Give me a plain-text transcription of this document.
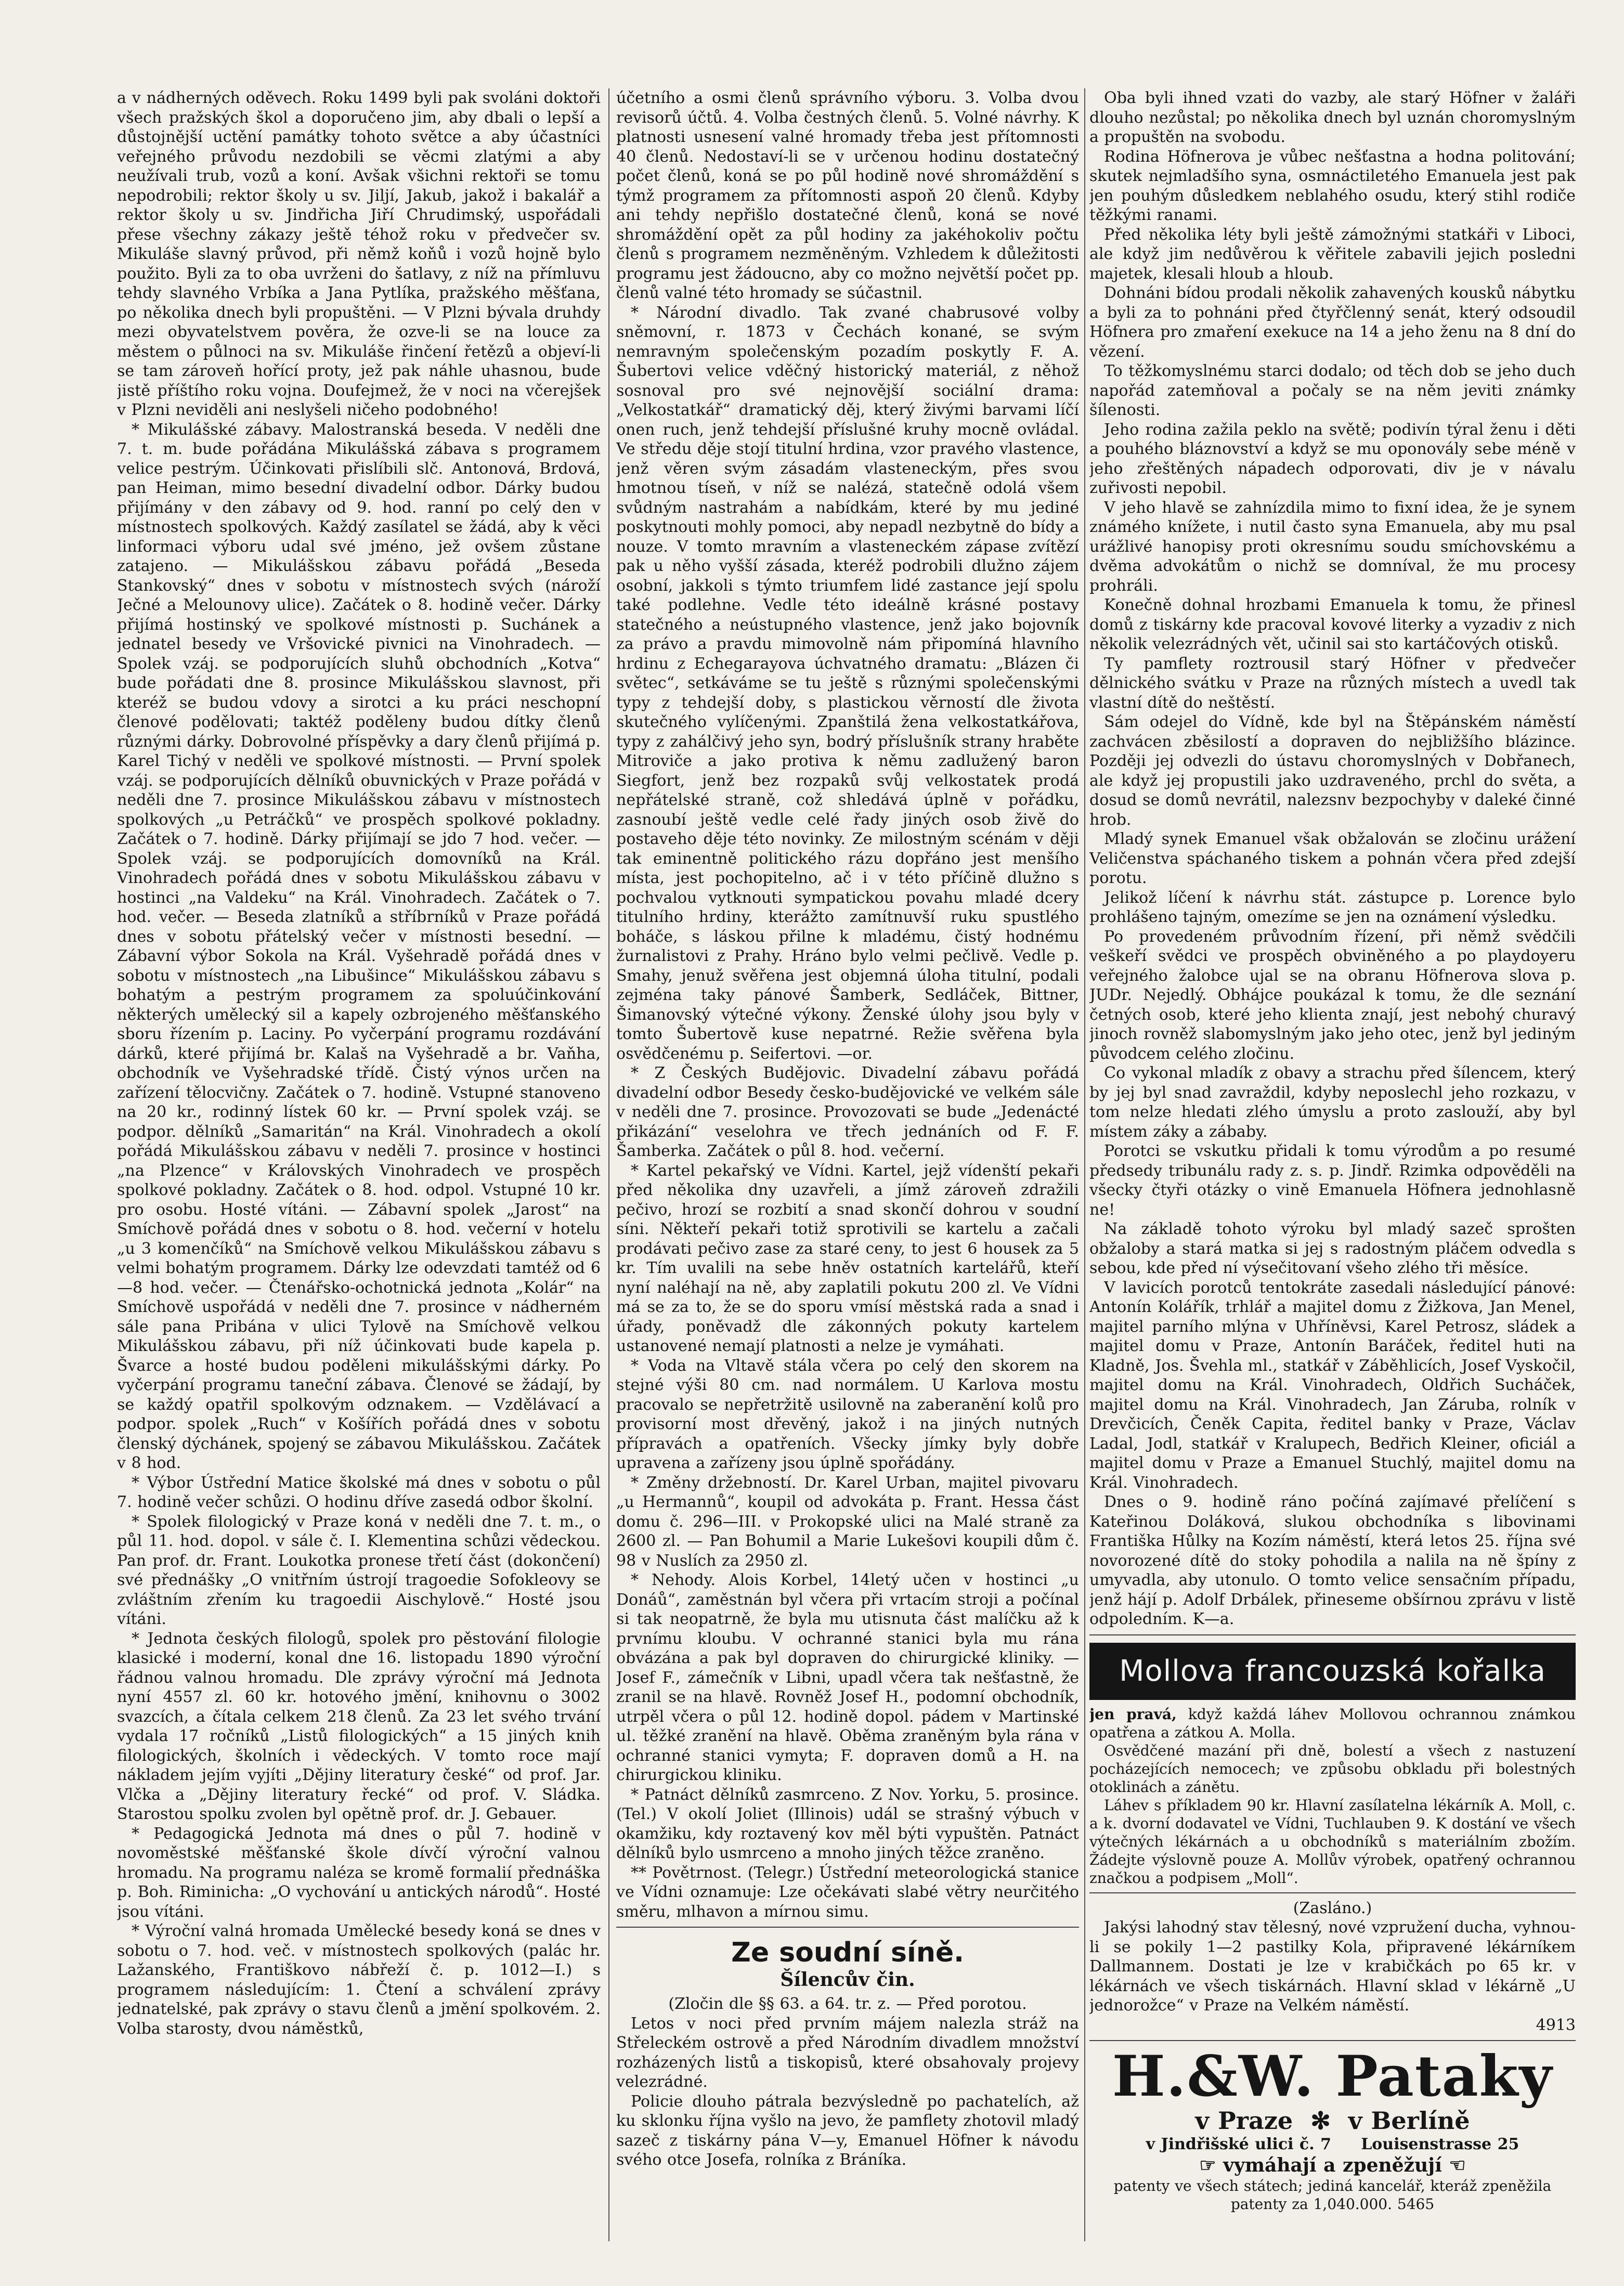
a v nádherných oděvech. Roku 1499 byli pak svoláni doktoři všech pražských škol a doporučeno jim, aby dbali o lepší a důstojnější uctění památky tohoto světce a aby účastníci veřejného průvodu nezdobili se věcmi zlatými a aby neužívali trub, vozů a koní. Avšak všichni rektoři se tomu nepodrobili; rektor školy u sv. Jiljí, Jakub, jakož i bakalář a rektor školy u sv. Jindřicha Jiří Chrudimský, uspořádali přese všechny zákazy ještě téhož roku v předvečer sv. Mikuláše slavný průvod, při němž koňů i vozů hojně bylo použito. Byli za to oba uvrženi do šatlavy, z níž na přímluvu tehdy slavného Vrbíka a Jana Pytlíka, pražského měšťana, po několika dnech byli propuštěni. — V Plzni bývala druhdy mezi obyvatelstvem pověra, že ozve-li se na louce za městem o půlnoci na sv. Mikuláše řinčení řetězů a objeví-li se tam zároveň hořící proty, jež pak náhle uhasnou, bude jistě příštího roku vojna. Doufejmež, že v noci na včerejšek v Plzni neviděli ani neslyšeli ničeho podobného!

* Mikulášské zábavy. Malostranská beseda. V neděli dne 7. t. m. bude pořádána Mikulášská zábava s programem velice pestrým. Účinkovati přislíbili slč. Antonová, Brdová, pan Heiman, mimo besední divadelní odbor. Dárky budou přijímány v den zábavy od 9. hod. ranní po celý den v místnostech spolkových. Každý zasílatel se žádá, aby k věci linformaci výboru udal své jméno, jež ovšem zůstane zatajeno. — Mikulášskou zábavu pořádá „Beseda Stankovský“ dnes v sobotu v místnostech svých (nároží Ječné a Melounovy ulice). Začátek o 8. hodině večer. Dárky přijímá hostinský ve spolkové místnosti p. Suchánek a jednatel besedy ve Vršovické pivnici na Vinohradech. — Spolek vzáj. se podporujících sluhů obchodních „Kotva“ bude pořádati dne 8. prosince Mikulášskou slavnost, při kteréž se budou vdovy a sirotci a ku práci neschopní členové podělovati; taktéž poděleny budou dítky členů různými dárky. Dobrovolné příspěvky a dary členů přijímá p. Karel Tichý v neděli ve spolkové místnosti. — První spolek vzáj. se podporujících dělníků obuvnických v Praze pořádá v neděli dne 7. prosince Mikulášskou zábavu v místnostech spolkových „u Petráčků“ ve prospěch spolkové pokladny. Začátek o 7. hodině. Dárky přijímají se jdo 7 hod. večer. — Spolek vzáj. se podporujících domovníků na Král. Vinohradech pořádá dnes v sobotu Mikulášskou zábavu v hostinci „na Valdeku“ na Král. Vinohradech. Začátek o 7. hod. večer. — Beseda zlatníků a stříbrníků v Praze pořádá dnes v sobotu přátelský večer v místnosti besední. — Zábavní výbor Sokola na Král. Vyšehradě pořádá dnes v sobotu v místnostech „na Libušince“ Mikulášskou zábavu s bohatým a pestrým programem za spoluúčinkování některých umělecký sil a kapely ozbrojeného měšťanského sboru řízením p. Laciny. Po vyčerpání programu rozdávání dárků, které přijímá br. Kalaš na Vyšehradě a br. Vaňha, obchodník ve Vyšehradské třídě. Čistý výnos určen na zařízení tělocvičny. Začátek o 7. hodině. Vstupné stanoveno na 20 kr., rodinný lístek 60 kr. — První spolek vzáj. se podpor. dělníků „Samaritán“ na Král. Vinohradech a okolí pořádá Mikulášskou zábavu v neděli 7. prosince v hostinci „na Plzence“ v Královských Vinohradech ve prospěch spolkové pokladny. Začátek o 8. hod. odpol. Vstupné 10 kr. pro osobu. Hosté vítáni. — Zábavní spolek „Jarost“ na Smíchově pořádá dnes v sobotu o 8. hod. večerní v hotelu „u 3 komenčíků“ na Smíchově velkou Mikulášskou zábavu s velmi bohatým programem. Dárky lze odevzdati tamtéž od 6—8 hod. večer. — Čtenářsko-ochotnická jednota „Kolár“ na Smíchově uspořádá v neděli dne 7. prosince v nádherném sále pana Pribána v ulici Tylově na Smíchově velkou Mikulášskou zábavu, při níž účinkovati bude kapela p. Švarce a hosté budou poděleni mikulášskými dárky. Po vyčerpání programu taneční zábava. Členové se žádají, by se každý opatřil spolkovým odznakem. — Vzdělávací a podpor. spolek „Ruch“ v Košířích pořádá dnes v sobotu členský dýchánek, spojený se zábavou Mikulášskou. Začátek v 8 hod.

* Výbor Ústřední Matice školské má dnes v sobotu o půl 7. hodině večer schůzi. O hodinu dříve zasedá odbor školní.

* Spolek filologický v Praze koná v neděli dne 7. t. m., o půl 11. hod. dopol. v sále č. I. Klementina schůzi vědeckou. Pan prof. dr. Frant. Loukotka pronese třetí část (dokončení) své přednášky „O vnitřním ústrojí tragoedie Sofokleovy se zvláštním zřením ku tragoedii Aischylově.“ Hosté jsou vítáni.

* Jednota českých filologů, spolek pro pěstování filologie klasické i moderní, konal dne 16. listopadu 1890 výroční řádnou valnou hromadu. Dle zprávy výroční má Jednota nyní 4557 zl. 60 kr. hotového jmění, knihovnu o 3002 svazcích, a čítala celkem 218 členů. Za 23 let svého trvání vydala 17 ročníků „Listů filologických“ a 15 jiných knih filologických, školních i vědeckých. V tomto roce mají nákladem jejím vyjíti „Dějiny literatury české“ od prof. Jar. Vlčka a „Dějiny literatury řecké“ od prof. V. Sládka. Starostou spolku zvolen byl opětně prof. dr. J. Gebauer.

* Pedagogická Jednota má dnes o půl 7. hodině v novoměstské měšťanské škole dívčí výroční valnou hromadu. Na programu naléza se kromě formalií přednáška p. Boh. Riminicha: „O vychování u antických národů“. Hosté jsou vítáni.

* Výroční valná hromada Umělecké besedy koná se dnes v sobotu o 7. hod. več. v místnostech spolkových (palác hr. Lažanského, Františkovo nábřeží č. p. 1012—I.) s programem následujícím: 1. Čtení a schválení zprávy jednatelské, pak zprávy o stavu členů a jmění spolkovém. 2. Volba starosty, dvou náměstků,

účetního a osmi členů správního výboru. 3. Volba dvou revisorů účtů. 4. Volba čestných členů. 5. Volné návrhy. K platnosti usnesení valné hromady třeba jest přítomnosti 40 členů. Nedostaví-li se v určenou hodinu dostatečný počet členů, koná se po půl hodině nové shromáždění s týmž programem za přítomnosti aspoň 20 členů. Kdyby ani tehdy nepřišlo dostatečné členů, koná se nové shromáždění opět za půl hodiny za jakéhokoliv počtu členů s programem nezměněným. Vzhledem k důležitosti programu jest žádoucno, aby co možno největší počet pp. členů valné této hromady se súčastnil.

* Národní divadlo. Tak zvané chabrusové volby sněmovní, r. 1873 v Čechách konané, se svým nemravným společenským pozadím poskytly F. A. Šubertovi velice vděčný historický materiál, z něhož sosnoval pro své nejnovější sociální drama: „Velkostatkář“ dramatický děj, který živými barvami líčí onen ruch, jenž tehdejší příslušné kruhy mocně ovládal. Ve středu děje stojí titulní hrdina, vzor pravého vlastence, jenž věren svým zásadám vlasteneckým, přes svou hmotnou tíseň, v níž se nalézá, statečně odolá všem svůdným nastrahám a nabídkám, které by mu jediné poskytnouti mohly pomoci, aby nepadl nezbytně do bídy a nouze. V tomto mravním a vlasteneckém zápase zvítězí pak u něho vyšší zásada, kteréž podrobili dlužno zájem osobní, jakkoli s týmto triumfem lidé zastance její spolu také podlehne. Vedle této ideálně krásné postavy statečného a neústupného vlastence, jenž jako bojovník za právo a pravdu mimovolně nám připomíná hlavního hrdinu z Echegarayova úchvatného dramatu: „Blázen či světec“, setkáváme se tu ještě s různými společenskými typy z tehdejší doby, s plastickou věrností dle života skutečného vylíčenými. Zpanštilá žena velkostatkářova, typy z zahálčivý jeho syn, bodrý příslušník strany hraběte Mitroviče a jako protiva k němu zadlužený baron Siegfort, jenž bez rozpaků svůj velkostatek prodá nepřátelské straně, což shledává úplně v pořádku, zasnoubí ještě vedle celé řady jiných osob živě do postaveho děje této novinky. Ze milostným scénám v ději tak eminentně politického rázu dopřáno jest menšího místa, jest pochopitelno, ač i v této příčině dlužno s pochvalou vytknouti sympatickou povahu mladé dcery titulního hrdiny, kterážto zamítnuvší ruku spustlého boháče, s láskou přilne k mladému, čistý hodnému žurnalistovi z Prahy. Hráno bylo velmi pečlivě. Vedle p. Smahy, jenuž svěřena jest objemná úloha titulní, podali zejména taky pánové Šamberk, Sedláček, Bittner, Šimanovský výtečné výkony. Ženské úlohy jsou byly v tomto Šubertově kuse nepatrné. Režie svěřena byla osvědčenému p. Seifertovi. —or.

* Z Českých Budějovic. Divadelní zábavu pořádá divadelní odbor Besedy česko-budějovické ve velkém sále v neděli dne 7. prosince. Provozovati se bude „Jedenácté přikázání“ veselohra ve třech jednáních od F. F. Šamberka. Začátek o půl 8. hod. večerní.

* Kartel pekařský ve Vídni. Kartel, jejž vídenští pekaři před několika dny uzavřeli, a jímž zároveň zdražili pečivo, hrozí se rozbití a snad skončí dohrou v soudní síni. Někteří pekaři totiž sprotivili se kartelu a začali prodávati pečivo zase za staré ceny, to jest 6 housek za 5 kr. Tím uvalili na sebe hněv ostatních kartelářů, kteří nyní naléhají na ně, aby zaplatili pokutu 200 zl. Ve Vídni má se za to, že se do sporu vmísí městská rada a snad i úřady, poněvadž dle zákonných pokuty kartelem ustanovené nemají platnosti a nelze je vymáhati.

* Voda na Vltavě stála včera po celý den skorem na stejné výši 80 cm. nad normálem. U Karlova mostu pracovalo se nepřetržitě usilovně na zaberanění kolů pro provisorní most dřevěný, jakož i na jiných nutných přípravách a opatřeních. Všecky jímky byly dobře upravena a zařízeny jsou úplně spořádány.

* Změny držebností. Dr. Karel Urban, majitel pivovaru „u Hermannů“, koupil od advokáta p. Frant. Hessa část domu č. 296—III. v Prokopské ulici na Malé straně za 2600 zl. — Pan Bohumil a Marie Lukešovi koupili dům č. 98 v Nuslích za 2950 zl.

* Nehody. Alois Korbel, 14letý učen v hostinci „u Donáů“, zaměstnán byl včera při vrtacím stroji a počínal si tak neopatrně, že byla mu utisnuta část malíčku až k prvnímu kloubu. V ochranné stanici byla mu rána obvázána a pak byl dopraven do chirurgické kliniky. — Josef F., zámečník v Libni, upadl včera tak nešťastně, že zranil se na hlavě. Rovněž Josef H., podomní obchodník, utrpěl včera o půl 12. hodině dopol. pádem v Martinské ul. těžké zranění na hlavě. Oběma zraněným byla rána v ochranné stanici vymyta; F. dopraven domů a H. na chirurgickou kliniku.

* Patnáct dělníků zasmrceno. Z Nov. Yorku, 5. prosince. (Tel.) V okolí Joliet (Illinois) udál se strašný výbuch v okamžiku, kdy roztavený kov měl býti vypuštěn. Patnáct dělníků bylo usmrceno a mnoho jiných těžce zraněno.

** Povětrnost. (Telegr.) Ústřední meteorologická stanice ve Vídni oznamuje: Lze očekávati slabé větry neurčitého směru, mlhavon a mírnou simu.

Ze soudní síně.
Šílencův čin.

(Zločin dle §§ 63. a 64. tr. z. — Před porotou.

Letos v noci před prvním májem nalezla stráž na Střeleckém ostrově a před Národním divadlem množství rozházených listů a tiskopisů, které obsahovaly projevy velezrádné.

Policie dlouho pátrala bezvýsledně po pachatelích, až ku sklonku října vyšlo na jevo, že pamflety zhotovil mladý sazeč z tiskárny pána V—y, Emanuel Höfner k návodu svého otce Josefa, rolníka z Bráníka.

Oba byli ihned vzati do vazby, ale starý Höfner v žaláři dlouho nezůstal; po několika dnech byl uznán choromyslným a propuštěn na svobodu.

Rodina Höfnerova je vůbec nešťastna a hodna politování; skutek nejmladšího syna, osmnáctiletého Emanuela jest pak jen pouhým důsledkem neblahého osudu, který stihl rodiče těžkými ranami.

Před několika léty byli ještě zámožnými statkáři v Liboci, ale když jim nedůvěrou k věřitele zabavili jejich posledni majetek, klesali hloub a hloub.

Dohnáni bídou prodali několik zahavených kousků nábytku a byli za to pohnáni před čtyřčlenný senát, který odsoudil Höfnera pro zmaření exekuce na 14 a jeho ženu na 8 dní do vězení.

To těžkomyslnému starci dodalo; od těch dob se jeho duch napořád zatemňoval a počaly se na něm jeviti známky šílenosti.

Jeho rodina zažila peklo na světě; podivín týral ženu i děti a pouhého bláznovství a když se mu oponovály sebe méně v jeho zřeštěných nápadech odporovati, div je v návalu zuřivosti nepobil.

V jeho hlavě se zahnízdila mimo to fixní idea, že je synem známého knížete, i nutil často syna Emanuela, aby mu psal urážlivé hanopisy proti okresnímu soudu smíchovskému a dvěma advokátům o nichž se domníval, že mu procesy prohráli.

Konečně dohnal hrozbami Emanuela k tomu, že přinesl domů z tiskárny kde pracoval kovové literky a vyzadiv z nich několik velezrádných vět, učinil sai sto kartáčových otisků.

Ty pamflety roztrousil starý Höfner v předvečer dělnického svátku v Praze na různých místech a uvedl tak vlastní dítě do neštěstí.

Sám odejel do Vídně, kde byl na Štěpánském náměstí zachvácen zběsilostí a dopraven do nejbližšího blázince. Později jej odvezli do ústavu choromyslných v Dobřanech, ale když jej propustili jako uzdraveného, prchl do světa, a dosud se domů nevrátil, nalezsnv bezpochyby v daleké činné hrob.

Mladý synek Emanuel však obžalován se zločinu urážení Veličenstva spáchaného tiskem a pohnán včera před zdejší porotu.

Jelikož líčení k návrhu stát. zástupce p. Lorence bylo prohlášeno tajným, omezíme se jen na oznámení výsledku.

Po provedeném průvodním řízení, při němž svědčili veškeří svědci ve prospěch obviněného a po playdoyeru veřejného žalobce ujal se na obranu Höfnerova slova p. JUDr. Nejedlý. Obhájce poukázal k tomu, že dle seznání četných osob, které jeho klienta znají, jest nebohý churavý jinoch rovněž slabomyslným jako jeho otec, jenž byl jediným původcem celého zločinu.

Co vykonal mladík z obavy a strachu před šílencem, který by jej byl snad zavraždil, kdyby neposlechl jeho rozkazu, v tom nelze hledati zlého úmyslu a proto zaslouží, aby byl místem záky a zábaby.

Porotci se vskutku přidali k tomu výrodům a po resumé předsedy tribunálu rady z. s. p. Jindř. Rzimka odpověděli na všecky čtyři otázky o vině Emanuela Höfnera jednohlasně ne!

Na základě tohoto výroku byl mladý sazeč sprošten obžaloby a stará matka si jej s radostným pláčem odvedla s sebou, kde před ní výsečitovaní všeho zlého tři měsíce.

V lavicích porotců tentokráte zasedali následující pánové: Antonín Kolářík, trhlář a majitel domu z Žižkova, Jan Menel, majitel parního mlýna v Uhříněvsi, Karel Petrosz, sládek a majitel domu v Praze, Antonín Baráček, ředitel huti na Kladně, Jos. Švehla ml., statkář v Záběhlicích, Josef Vyskočil, majitel domu na Král. Vinohradech, Oldřich Sucháček, majitel domu na Král. Vinohradech, Jan Záruba, rolník v Drevčicích, Čeněk Capita, ředitel banky v Praze, Václav Ladal, Jodl, statkář v Kralupech, Bedřich Kleiner, oficiál a majitel domu v Praze a Emanuel Stuchlý, majitel domu na Král. Vinohradech.

Dnes o 9. hodině ráno počíná zajímavé přelíčení s Kateřinou Doláková, slukou obchodníka s libovinami Františka Hůlky na Kozím náměstí, která letos 25. října své novorozené dítě do stoky pohodila a nalila na ně špíny z umyvadla, aby utonulo. O tomto velice sensačním případu, jenž hájí p. Adolf Drbálek, přineseme obšírnou zprávu v listě odpoledním. K—a.

Mollova francouzská kořalka

jen pravá, když každá láhev Mollovou ochrannou známkou opatřena a zátkou A. Molla.

Osvědčené mazání při dně, bolestí a všech z nastuzení pocházejících nemocech; ve způsobu obkladu při bolestných otoklinách a zánětu.

Láhev s příkladem 90 kr. Hlavní zasílatelna lékárník A. Moll, c. a k. dvorní dodavatel ve Vídni, Tuchlauben 9. K dostání ve všech výtečných lékárnách a u obchodníků s materiálním zbožím. Žádejte výslovně pouze A. Mollův výrobek, opatřený ochrannou značkou a podpisem „Moll“.

(Zasláno.)

Jakýsi lahodný stav tělesný, nové vzpružení ducha, vyhnou-li se pokily 1—2 pastilky Kola, připravené lékárníkem Dallmannem. Dostati je lze v krabičkách po 65 kr. v lékárnách ve všech tiskárnách. Hlavní sklad v lékárně „U jednorožce“ v Praze na Velkém náměstí.

4913

H.&W. Pataky
v Praze ✻ v Berlíně
v Jindřišské ulici č. 7 Louisenstrasse 25
☞ vymáhají a zpeněžují ☜
patenty ve všech státech; jediná kancelář, kteráž zpeněžila patenty za 1,040.000. 5465
